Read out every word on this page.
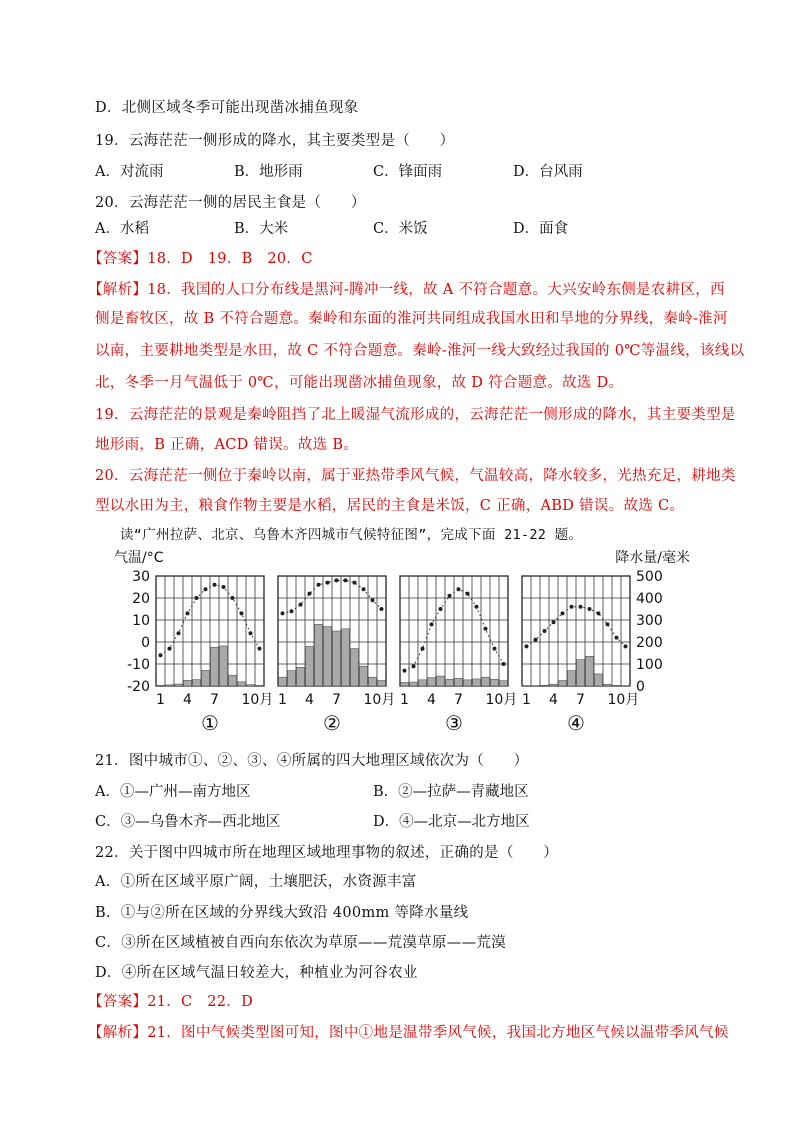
D．北侧区域冬季可能出现凿冰捕鱼现象
19．云海茫茫一侧形成的降水，其主要类型是（　　）
A．对流雨	B．地形雨	C．锋面雨	D．台风雨
20．云海茫茫一侧的居民主食是（　　）
A．水稻	B．大米	C．米饭	D．面食
【答案】18．D　19．B　20．C
【解析】18．我国的人口分布线是黑河-腾冲一线，故 A 不符合题意。大兴安岭东侧是农耕区，西
侧是畜牧区，故 B 不符合题意。秦岭和东面的淮河共同组成我国水田和旱地的分界线，秦岭-淮河
以南，主要耕地类型是水田，故 C 不符合题意。秦岭-淮河一线大致经过我国的 0℃等温线，该线以
北，冬季一月气温低于 0℃，可能出现凿冰捕鱼现象，故 D 符合题意。故选 D。
19．云海茫茫的景观是秦岭阻挡了北上暖湿气流形成的，云海茫茫一侧形成的降水，其主要类型是
地形雨，B 正确，ACD 错误。故选 B。
20．云海茫茫一侧位于秦岭以南，属于亚热带季风气候，气温较高，降水较多，光热充足，耕地类
型以水田为主，粮食作物主要是水稻，居民的主食是米饭，C 正确，ABD 错误。故选 C。
读“广州拉萨、北京、乌鲁木齐四城市气候特征图”，完成下面 21-22 题。
气温/°C	降水量/毫米
30
20
10
0
-10
-20
500
400
300
200
100
0
1 4 7 10月
①
1 4 7 10月
②
1 4 7 10月
③
1 4 7 10月
④
21．图中城市①、②、③、④所属的四大地理区域依次为（　　）
A．①—广州—南方地区	B．②—拉萨—青藏地区
C．③—乌鲁木齐—西北地区	D．④—北京—北方地区
22．关于图中四城市所在地理区域地理事物的叙述，正确的是（　　）
A．①所在区域平原广阔，土壤肥沃，水资源丰富
B．①与②所在区域的分界线大致沿 400mm 等降水量线
C．③所在区域植被自西向东依次为草原——荒漠草原——荒漠
D．④所在区域气温日较差大，种植业为河谷农业
【答案】21．C　22．D
【解析】21．图中气候类型图可知，图中①地是温带季风气候，我国北方地区气候以温带季风气候
